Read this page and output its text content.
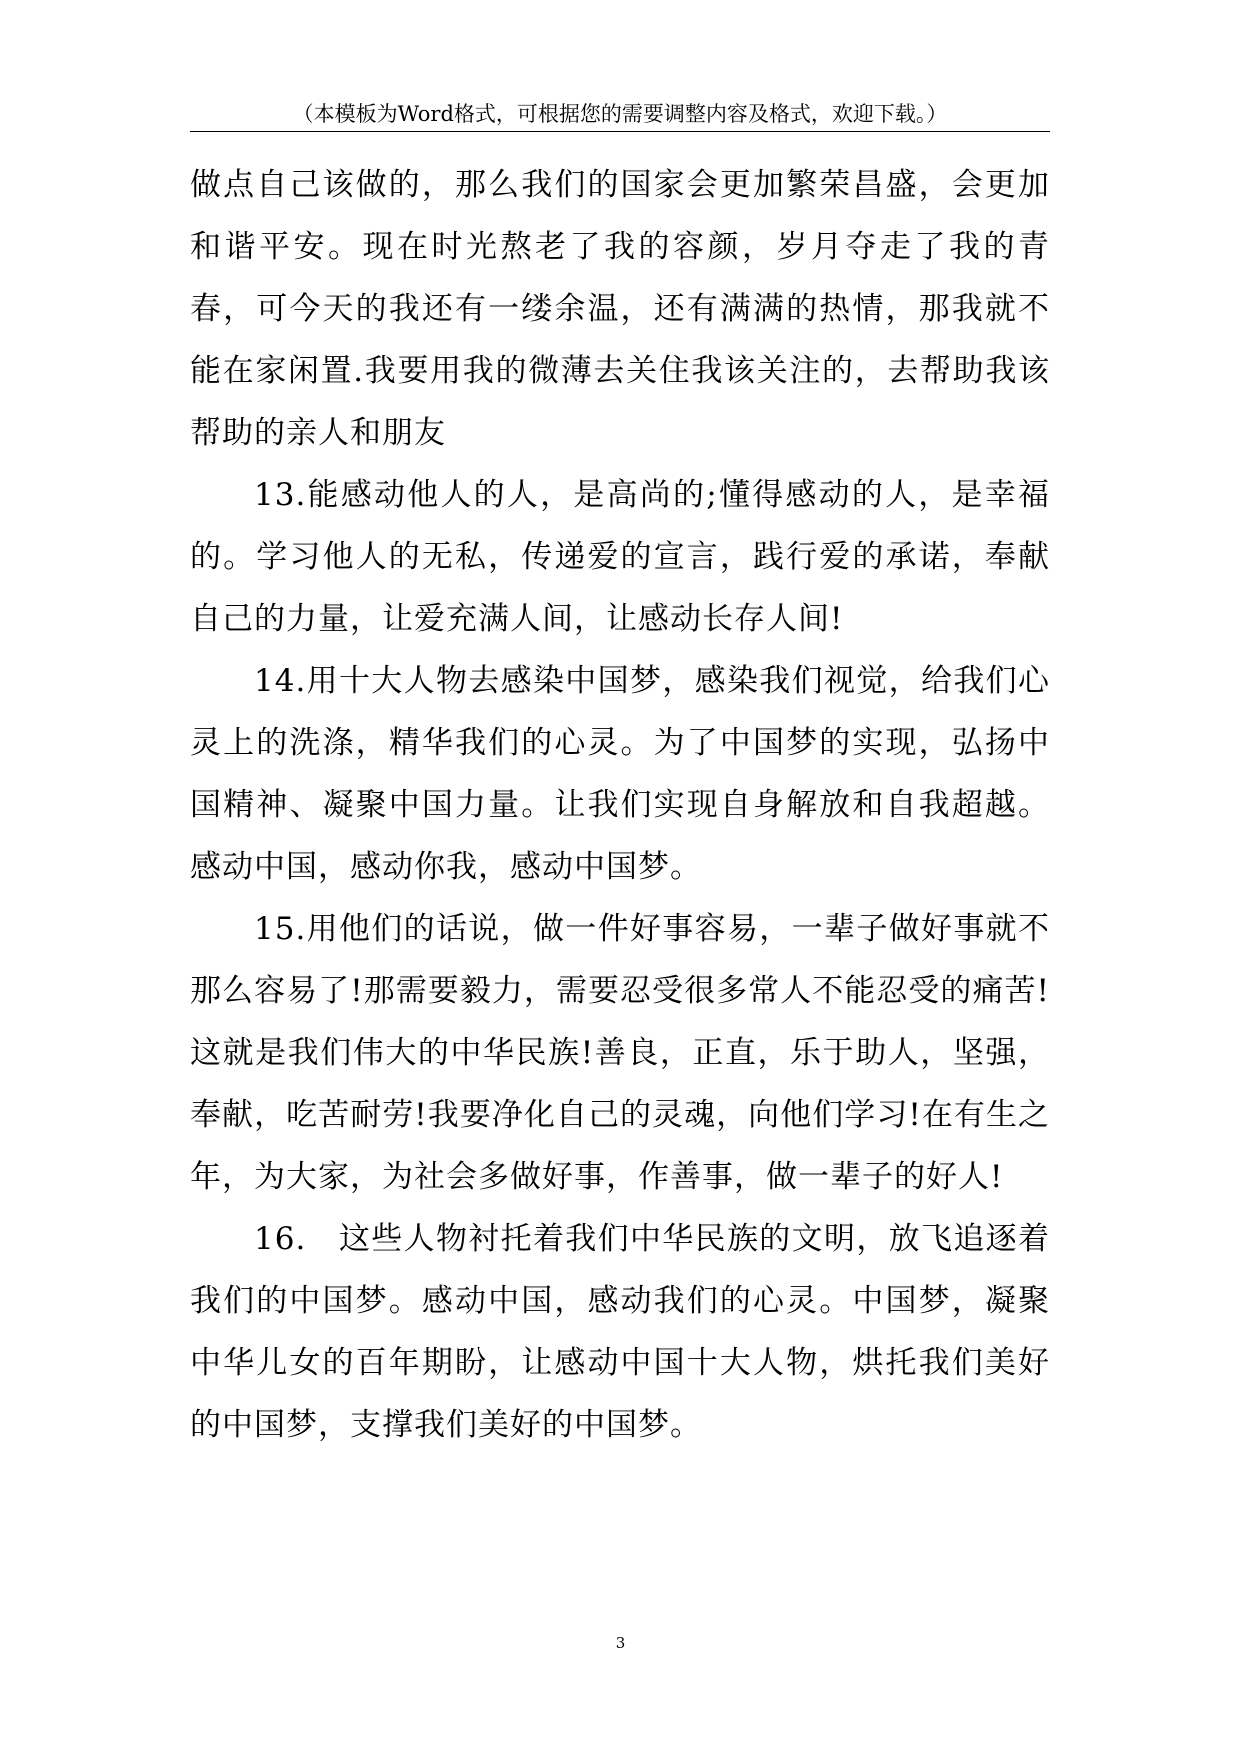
（本模板为Word格式，可根据您的需要调整内容及格式，欢迎下载。）

做点自己该做的，那么我们的国家会更加繁荣昌盛，会更加和谐平安。现在时光熬老了我的容颜，岁月夺走了我的青春，可今天的我还有一缕余温，还有满满的热情，那我就不能在家闲置.我要用我的微薄去关住我该关注的，去帮助我该帮助的亲人和朋友

13.能感动他人的人，是高尚的;懂得感动的人，是幸福的。学习他人的无私，传递爱的宣言，践行爱的承诺，奉献自己的力量，让爱充满人间，让感动长存人间!

14.用十大人物去感染中国梦，感染我们视觉，给我们心灵上的洗涤，精华我们的心灵。为了中国梦的实现，弘扬中国精神、凝聚中国力量。让我们实现自身解放和自我超越。感动中国，感动你我，感动中国梦。

15.用他们的话说，做一件好事容易，一辈子做好事就不那么容易了!那需要毅力，需要忍受很多常人不能忍受的痛苦!这就是我们伟大的中华民族!善良，正直，乐于助人，坚强，奉献，吃苦耐劳!我要净化自己的灵魂，向他们学习!在有生之年，为大家，为社会多做好事，作善事，做一辈子的好人!

16.　这些人物衬托着我们中华民族的文明，放飞追逐着我们的中国梦。感动中国，感动我们的心灵。中国梦，凝聚中华儿女的百年期盼，让感动中国十大人物，烘托我们美好的中国梦，支撑我们美好的中国梦。

3
